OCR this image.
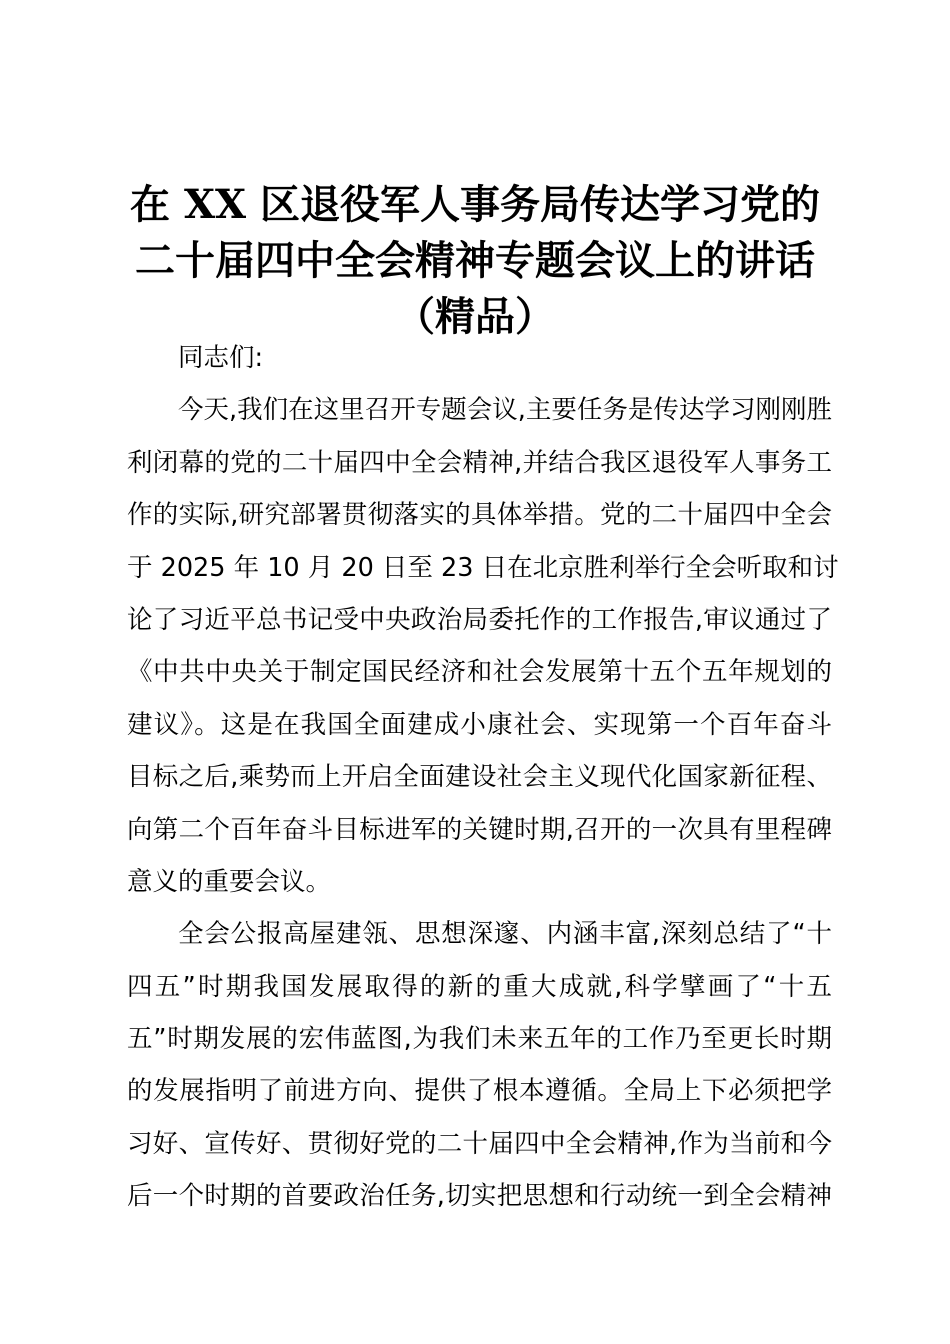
在 XX 区退役军人事务局传达学习党的
二十届四中全会精神专题会议上的讲话
（精品）
同志们:
今天,我们在这里召开专题会议,主要任务是传达学习刚刚胜
利闭幕的党的二十届四中全会精神,并结合我区退役军人事务工
作的实际,研究部署贯彻落实的具体举措。党的二十届四中全会
于 2025 年 10 月 20 日至 23 日在北京胜利举行全会听取和讨
论了习近平总书记受中央政治局委托作的工作报告,审议通过了
《中共中央关于制定国民经济和社会发展第十五个五年规划的
建议》。这是在我国全面建成小康社会、实现第一个百年奋斗
目标之后,乘势而上开启全面建设社会主义现代化国家新征程、
向第二个百年奋斗目标进军的关键时期,召开的一次具有里程碑
意义的重要会议。
全会公报高屋建瓴、思想深邃、内涵丰富,深刻总结了“十
四五”时期我国发展取得的新的重大成就,科学擘画了“十五
五”时期发展的宏伟蓝图,为我们未来五年的工作乃至更长时期
的发展指明了前进方向、提供了根本遵循。全局上下必须把学
习好、宣传好、贯彻好党的二十届四中全会精神,作为当前和今
后一个时期的首要政治任务,切实把思想和行动统一到全会精神
